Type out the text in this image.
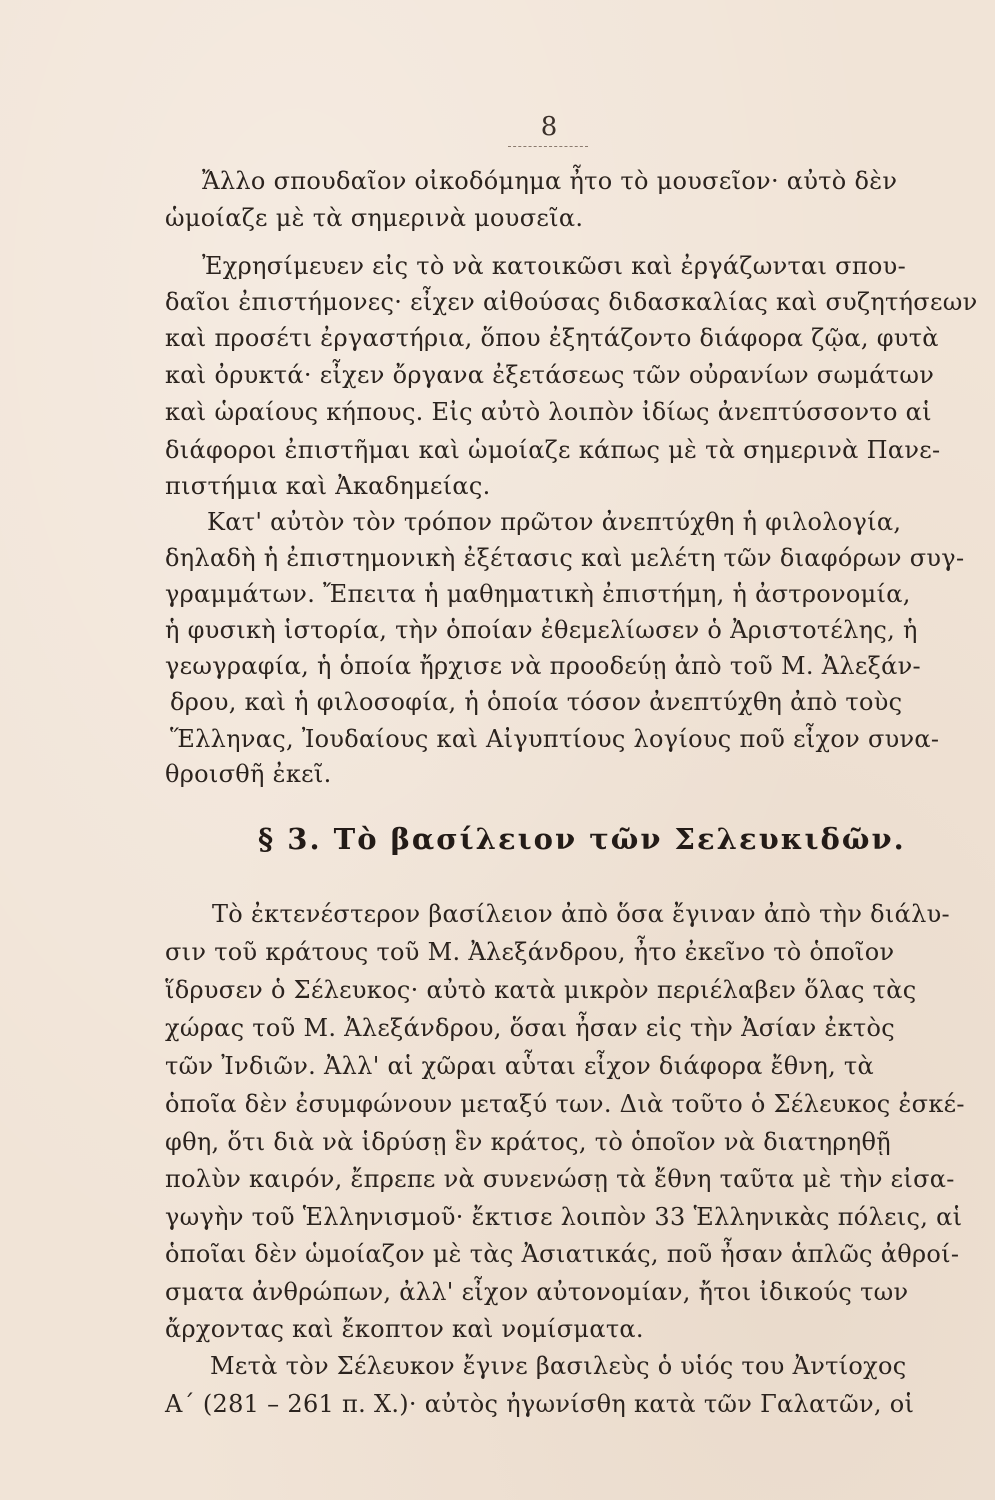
8
Ἄλλο σπουδαῖον οἰκοδόμημα ἦτο τὸ μουσεῖον· αὐτὸ δὲν
ὡμοίαζε μὲ τὰ σημερινὰ μουσεῖα.
Ἐχρησίμευεν εἰς τὸ νὰ κατοικῶσι καὶ ἐργάζωνται σπου-
δαῖοι ἐπιστήμονες· εἶχεν αἰθούσας διδασκαλίας καὶ συζητήσεων
καὶ προσέτι ἐργαστήρια, ὅπου ἐξητάζοντο διάφορα ζῷα, φυτὰ
καὶ ὀρυκτά· εἶχεν ὄργανα ἐξετάσεως τῶν οὐρανίων σωμάτων
καὶ ὡραίους κήπους. Εἰς αὐτὸ λοιπὸν ἰδίως ἀνεπτύσσοντο αἱ
διάφοροι ἐπιστῆμαι καὶ ὡμοίαζε κάπως μὲ τὰ σημερινὰ Πανε-
πιστήμια καὶ Ἀκαδημείας.
Κατ' αὐτὸν τὸν τρόπον πρῶτον ἀνεπτύχθη ἡ φιλολογία,
δηλαδὴ ἡ ἐπιστημονικὴ ἐξέτασις καὶ μελέτη τῶν διαφόρων συγ-
γραμμάτων. Ἔπειτα ἡ μαθηματικὴ ἐπιστήμη, ἡ ἀστρονομία,
ἡ φυσικὴ ἱστορία, τὴν ὁποίαν ἐθεμελίωσεν ὁ Ἀριστοτέλης, ἡ
γεωγραφία, ἡ ὁποία ἤρχισε νὰ προοδεύῃ ἀπὸ τοῦ Μ. Ἀλεξάν-
δρου, καὶ ἡ φιλοσοφία, ἡ ὁποία τόσον ἀνεπτύχθη ἀπὸ τοὺς
Ἕλληνας, Ἰουδαίους καὶ Αἰγυπτίους λογίους ποῦ εἶχον συνα-
θροισθῆ ἐκεῖ.
§ 3. Τὸ βασίλειον τῶν Σελευκιδῶν.
Τὸ ἐκτενέστερον βασίλειον ἀπὸ ὅσα ἔγιναν ἀπὸ τὴν διάλυ-
σιν τοῦ κράτους τοῦ Μ. Ἀλεξάνδρου, ἦτο ἐκεῖνο τὸ ὁποῖον
ἵδρυσεν ὁ Σέλευκος· αὐτὸ κατὰ μικρὸν περιέλαβεν ὅλας τὰς
χώρας τοῦ Μ. Ἀλεξάνδρου, ὅσαι ἦσαν εἰς τὴν Ἀσίαν ἐκτὸς
τῶν Ἰνδιῶν. Ἀλλ' αἱ χῶραι αὗται εἶχον διάφορα ἔθνη, τὰ
ὁποῖα δὲν ἐσυμφώνουν μεταξύ των. Διὰ τοῦτο ὁ Σέλευκος ἐσκέ-
φθη, ὅτι διὰ νὰ ἱδρύσῃ ἓν κράτος, τὸ ὁποῖον νὰ διατηρηθῇ
πολὺν καιρόν, ἔπρεπε νὰ συνενώσῃ τὰ ἔθνη ταῦτα μὲ τὴν εἰσα-
γωγὴν τοῦ Ἑλληνισμοῦ· ἔκτισε λοιπὸν 33 Ἑλληνικὰς πόλεις, αἱ
ὁποῖαι δὲν ὡμοίαζον μὲ τὰς Ἀσιατικάς, ποῦ ἦσαν ἁπλῶς ἀθροί-
σματα ἀνθρώπων, ἀλλ' εἶχον αὐτονομίαν, ἤτοι ἰδικούς των
ἄρχοντας καὶ ἔκοπτον καὶ νομίσματα.
Μετὰ τὸν Σέλευκον ἔγινε βασιλεὺς ὁ υἱός του Ἀντίοχος
Α΄ (281 – 261 π. Χ.)· αὐτὸς ἠγωνίσθη κατὰ τῶν Γαλατῶν, οἱ
